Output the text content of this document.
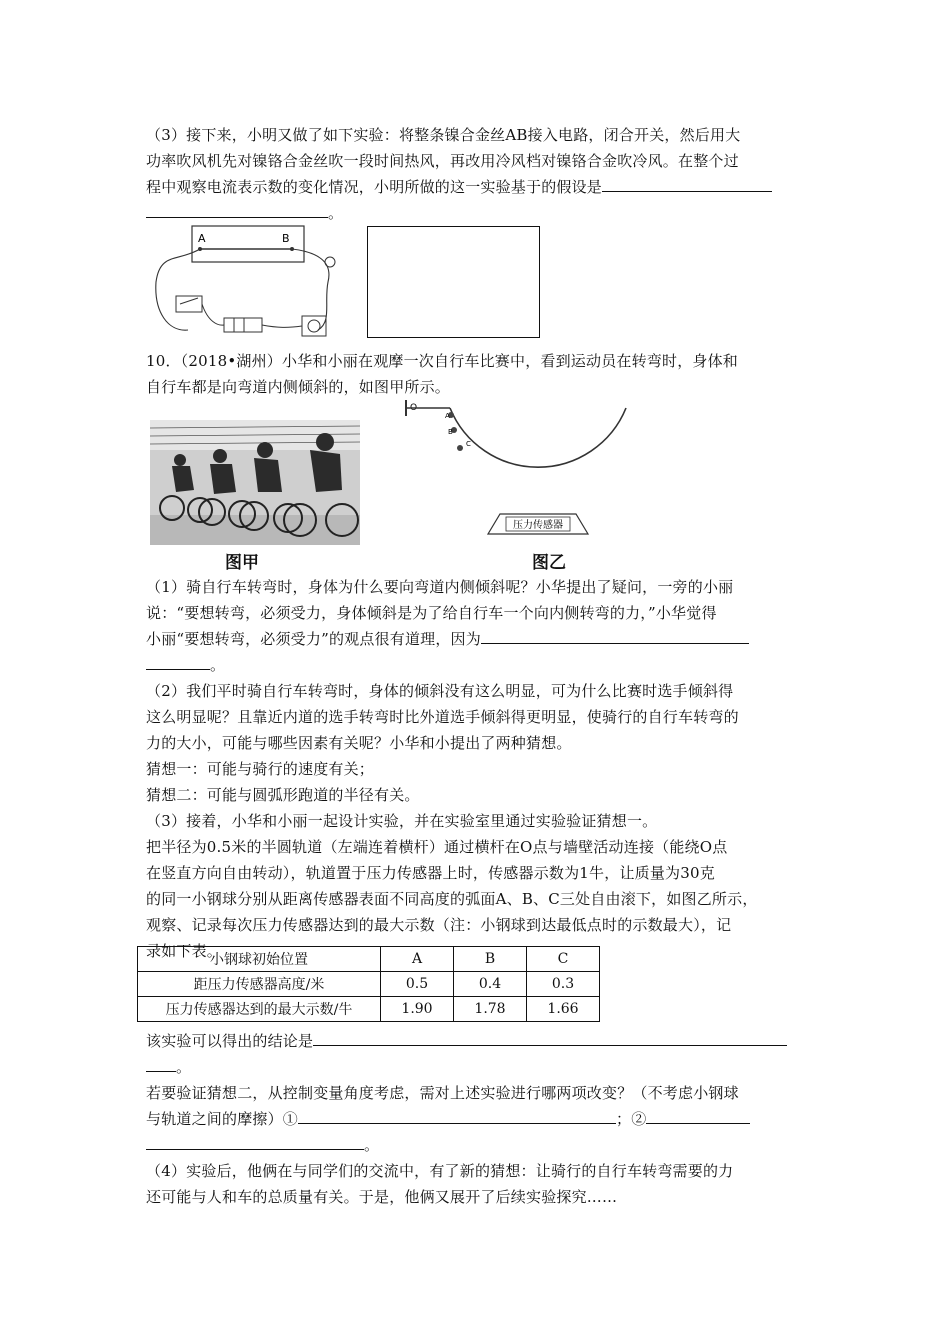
（3）接下来，小明又做了如下实验：将整条镍合金丝AB接入电路，闭合开关，然后用大
功率吹风机先对镍铬合金丝吹一段时间热风，再改用冷风档对镍铬合金吹冷风。在整个过
程中观察电流表示数的变化情况，小明所做的这一实验基于的假设是
。
A	B
10．（2018•湖州）小华和小丽在观摩一次自行车比赛中，看到运动员在转弯时，身体和
自行车都是向弯道内侧倾斜的，如图甲所示。
图甲
O
A
B
C
压力传感器
图乙
（1）骑自行车转弯时，身体为什么要向弯道内侧倾斜呢？小华提出了疑问，一旁的小丽
说：“要想转弯，必须受力，身体倾斜是为了给自行车一个向内侧转弯的力，”小华觉得
小丽“要想转弯，必须受力”的观点很有道理，因为
。
（2）我们平时骑自行车转弯时，身体的倾斜没有这么明显，可为什么比赛时选手倾斜得
这么明显呢？且靠近内道的选手转弯时比外道选手倾斜得更明显，使骑行的自行车转弯的
力的大小，可能与哪些因素有关呢？小华和小提出了两种猜想。
猜想一：可能与骑行的速度有关；
猜想二：可能与圆弧形跑道的半径有关。
（3）接着，小华和小丽一起设计实验，并在实验室里通过实验验证猜想一。
把半径为0.5米的半圆轨道（左端连着横杆）通过横杆在O点与墙壁活动连接（能绕O点
在竖直方向自由转动），轨道置于压力传感器上时，传感器示数为1牛，让质量为30克
的同一小钢球分别从距离传感器表面不同高度的弧面A、B、C三处自由滚下，如图乙所示，
观察、记录每次压力传感器达到的最大示数（注：小钢球到达最低点时的示数最大），记
录如下表。
小钢球初始位置	A	B	C
距压力传感器高度/米	0.5	0.4	0.3
压力传感器达到的最大示数/牛	1.90	1.78	1.66
该实验可以得出的结论是
。
若要验证猜想二，从控制变量角度考虑，需对上述实验进行哪两项改变？（不考虑小钢球
与轨道之间的摩擦）①	；②
。
（4）实验后，他俩在与同学们的交流中，有了新的猜想：让骑行的自行车转弯需要的力
还可能与人和车的总质量有关。于是，他俩又展开了后续实验探究……
